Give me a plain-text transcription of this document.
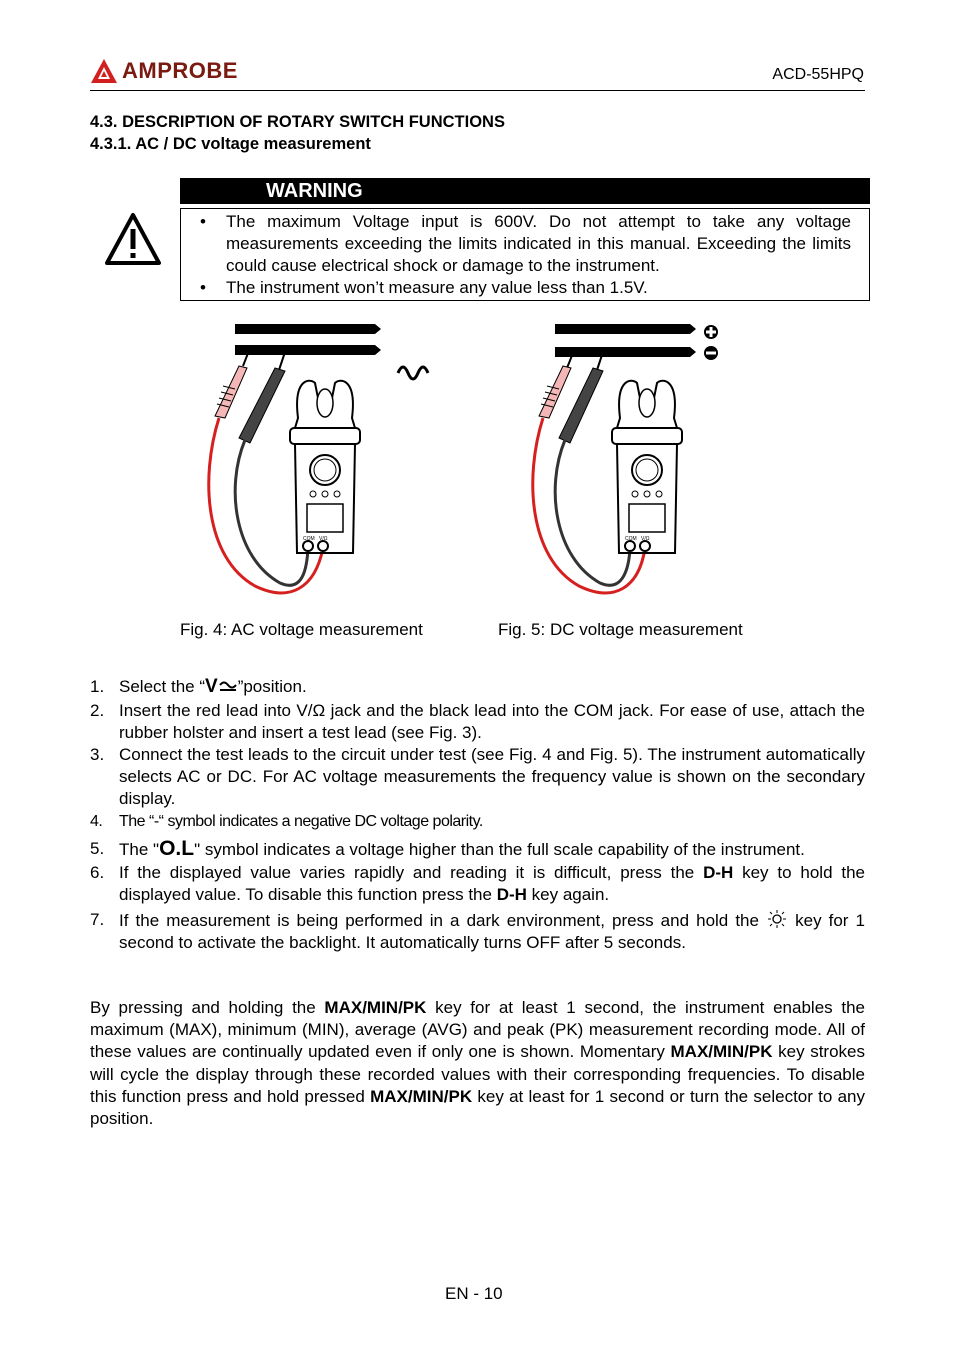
AMPROBE	ACD-55HPQ
4.3. DESCRIPTION OF ROTARY SWITCH FUNCTIONS
4.3.1. AC / DC voltage measurement
WARNING
• The maximum Voltage input is 600V. Do not attempt to take any voltage measurements exceeding the limits indicated in this manual. Exceeding the limits could cause electrical shock or damage to the instrument.
• The instrument won’t measure any value less than 1.5V.
COM V/Ω	COM V/Ω
Fig. 4: AC voltage measurement	Fig. 5: DC voltage measurement
1. Select the “V ”position.
2. Insert the red lead into V/Ω jack and the black lead into the COM jack. For ease of use, attach the rubber holster and insert a test lead (see Fig. 3).
3. Connect the test leads to the circuit under test (see Fig. 4 and Fig. 5). The instrument automatically selects AC or DC. For AC voltage measurements the frequency value is shown on the secondary display.
4. The “-“ symbol indicates a negative DC voltage polarity.
5. The "O.L" symbol indicates a voltage higher than the full scale capability of the instrument.
6. If the displayed value varies rapidly and reading it is difficult, press the D-H key to hold the displayed value. To disable this function press the D-H key again.
7. If the measurement is being performed in a dark environment, press and hold the key for 1 second to activate the backlight. It automatically turns OFF after 5 seconds.
By pressing and holding the MAX/MIN/PK key for at least 1 second, the instrument enables the maximum (MAX), minimum (MIN), average (AVG) and peak (PK) measurement recording mode. All of these values are continually updated even if only one is shown. Momentary MAX/MIN/PK key strokes will cycle the display through these recorded values with their corresponding frequencies. To disable this function press and hold pressed MAX/MIN/PK key at least for 1 second or turn the selector to any position.
EN - 10
